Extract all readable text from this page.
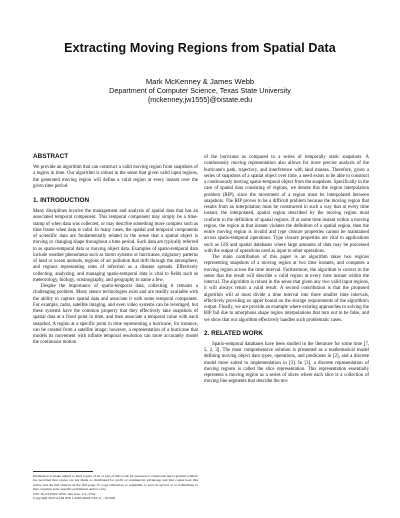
Extracting Moving Regions from Spatial Data
Mark McKenney & James Webb
Department of Computer Science, Texas State University
{mckenney,jw1555}@txstate.edu
ABSTRACT

We provide an algorithm that can construct a valid moving region from snapshots of a region in time. Our algorithm is robust in the sense that given valid input regions, the generated moving region will define a valid region at every instant over the given time period.

1. INTRODUCTION

Many disciplines involve the management and analysis of spatial data that has an associated temporal component. This temporal component may simply be a time-stamp of when data was collected, or may describe something more complex such as time frame when data is valid. In many cases, the spatial and temporal components of scientific data are fundamentally related in the sense that a spatial object is moving or changing shape throughout a time period. Such data are typically referred to as spatio-temporal data or moving object data. Examples of spatio-temporal data include weather phenomena such as storm systems or hurricanes, migratory patterns of land or ocean animals, regions of air pollution that drift through the atmosphere, and regions representing rates of infection as a disease spreads. Effectively collecting, analyzing, and managing spatio-temporal data is vital to fields such as meteorology, biology, oceanography, and geography to name a few.

Despite the importance of spatio-temporal data, collecting it remains a challenging problem. Many sensor technologies exist and are readily available with the ability to capture spatial data and associate it with some temporal component. For example, radar, satellite imaging, and even video systems can be leveraged, but these systems have the common property that they effectively take snapshots of spatial data at a fixed point in time, and then associate a temporal value with each snapshot. A region at a specific point in time representing a hurricane, for instance, can be created from a satellite image; however, a representation of a hurricane that models its movement with infinite temporal resolution can more accurately model the continuous motion

of the hurricane as compared to a series of temporally static snapshots. A continuously moving representation also allows for more precise analysis of the hurricane's path, trajectory, and interference with land masses. Therefore, given a series of snapshots of a spatial object over time, a need exists to be able to construct a continuously moving spatio-temporal object from the snapshots. Specifically in the case of spatial data consisting of regions, we denote this the region interpolation problem (RIP), since the movement of a region must be interpolated between snapshots. The RIP proves to be a difficult problem because the moving region that results from an interpolation must be constructed in such a way that at every time instant, the interpolated, spatial region described by the moving region must conform to the definition of spatial regions. If at some time instant within a moving region, the region at that instant violates the definition of a spatial region, then the entire moving region is invalid and type closure properties cannot be maintained across spatio-temporal operations. Type closure properties are vital to applications such as GIS and spatial databases where large amounts of data may be processed with the output of operations used as input to other operations.

The main contribution of this paper is an algorithm takes two regions representing snapshots of a moving region at two time instants, and computes a moving region across the time interval. Furthermore, the algorithm is correct in the sense that the result will describe a valid region at every time instant within the interval. The algorithm is robust in the sense that given any two valid input regions, it will always return a valid result. A second contribution is that the proposed algorithm will at most divide a time interval into three smaller time intervals, effectively providing an upper bound on the storage requirements of the algorithm's output. Finally, we are provide an example where existing approaches to solving the RIP fail due to amorphous shape region interpolations that turn out to be false, and we show that our algorithm effectively handles such problematic cases.

2. RELATED WORK

Spatio-temporal databases have been studied in the literature for some time [7, 5, 2, 3]. The most comprehensive solution is presented as a mathematical model defining moving object data types, operations, and predicates in [2], and a discrete model more suited to implementation in [3]. In [3], a discrete representation of moving regions is called the slice representation. This representation essentially represents a moving region as a series of slices where each slice is a collection of moving line segments that describe the mo-

Permission to make digital or hard copies of all or part of this work for personal or classroom use is granted without fee provided that copies are not made or distributed for profit or commercial advantage and that copies bear this notice and the full citation on the first page. To copy otherwise, to republish, to post on servers or to redistribute to lists, requires prior specific permission and/or a fee.

GIS '10, 03-NOV-2010, San Jose, CA, USA.

Copyright 2010 ACM 978-1-4503-0428-3/10/11 ...$10.00.
